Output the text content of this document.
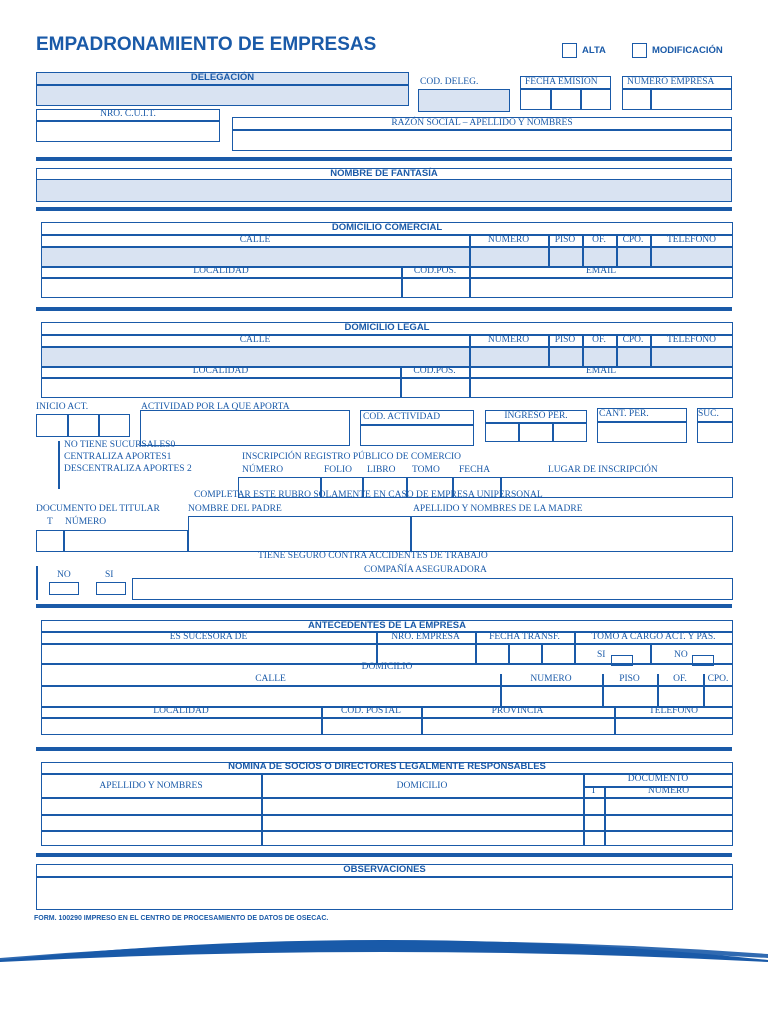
EMPADRONAMIENTO DE EMPRESAS	ALTA	MODIFICACIÓN
DELEGACIÓN	COD. DELEG.	FECHA EMISION	NUMERO EMPRESA
NRO. C.U.I.T.
RAZÓN SOCIAL – APELLIDO Y NOMBRES
NOMBRE DE FANTASÍA
DOMICILIO COMERCIAL
CALLE	NUMERO	PISO	OF.	CPO.	TELEFONO
LOCALIDAD	COD.POS.	EMAIL
DOMICILIO LEGAL
CALLE	NUMERO	PISO	OF.	CPO.	TELEFONO
LOCALIDAD	COD.POS.	EMAIL
INICIO ACT.	ACTIVIDAD POR LA QUE APORTA
COD. ACTIVIDAD	INGRESO PER.	CANT. PER.	SUC.
NO TIENE SUCURSALES0
CENTRALIZA APORTES1
DESCENTRALIZA APORTES 2
INSCRIPCIÓN REGISTRO PÚBLICO DE COMERCIO
NÚMERO	FOLIO LIBRO TOMO FECHA	LUGAR DE INSCRIPCIÓN
COMPLETAR ESTE RUBRO SOLAMENTE EN CASO DE EMPRESA UNIPERSONAL
DOCUMENTO DEL TITULAR
T NÚMERO
NOMBRE DEL PADRE	APELLIDO Y NOMBRES DE LA MADRE
TIENE SEGURO CONTRA ACCIDENTES DE TRABAJO
COMPAÑÍA ASEGURADORA
NO	SI
ANTECEDENTES DE LA EMPRESA
ES SUCESORA DE	NRO. EMPRESA	FECHA TRANSF.	TOMO A CARGO ACT. Y PAS.
SI	NO
DOMICILIO
CALLE	NUMERO	PISO	OF.	CPO.
LOCALIDAD	COD. POSTAL	PROVINCIA	TELEFONO
NOMINA DE SOCIOS O DIRECTORES LEGALMENTE RESPONSABLES
APELLIDO Y NOMBRES	DOMICILIO
DOCUMENTO
T	NUMERO
OBSERVACIONES
FORM. 100290 IMPRESO EN EL CENTRO DE PROCESAMIENTO DE DATOS DE OSECAC.
